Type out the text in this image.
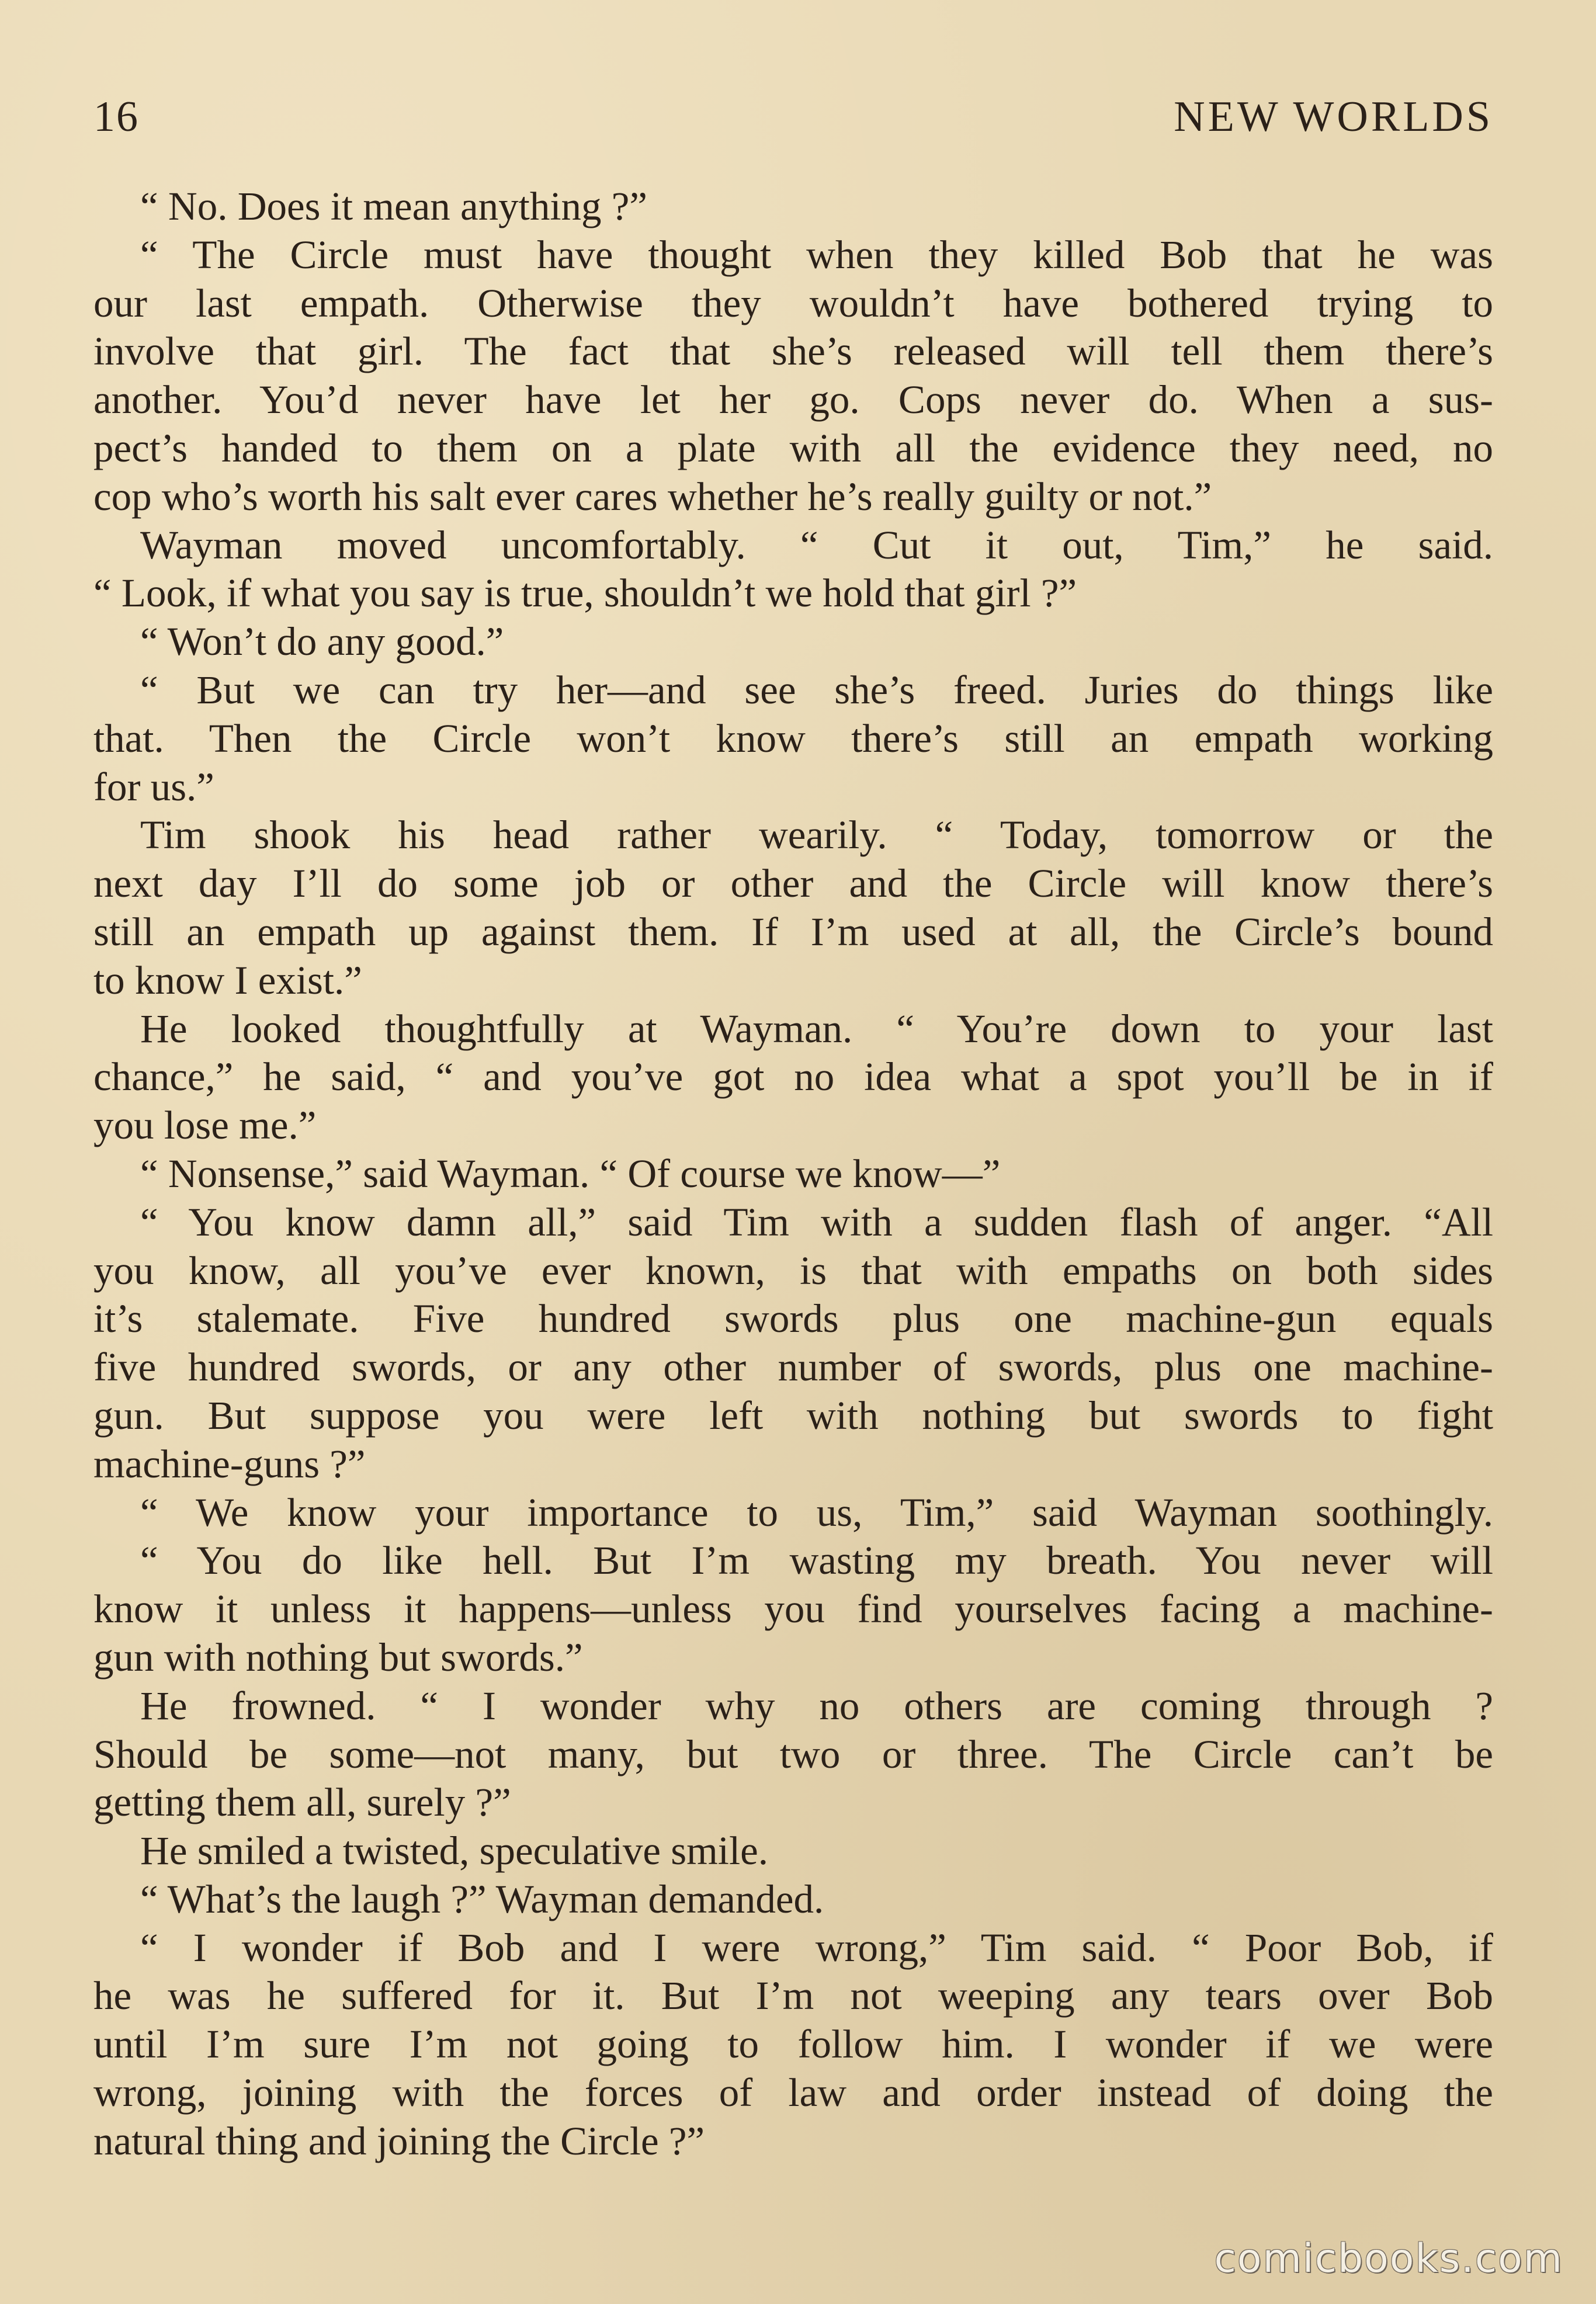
16	NEW WORLDS
“ No. Does it mean anything ?”
“ The Circle must have thought when they killed Bob that he was
our last empath. Otherwise they wouldn’t have bothered trying to
involve that girl. The fact that she’s released will tell them there’s
another. You’d never have let her go. Cops never do. When a sus-
pect’s handed to them on a plate with all the evidence they need, no
cop who’s worth his salt ever cares whether he’s really guilty or not.”
Wayman moved uncomfortably. “ Cut it out, Tim,” he said.
“ Look, if what you say is true, shouldn’t we hold that girl ?”
“ Won’t do any good.”
“ But we can try her—and see she’s freed. Juries do things like
that. Then the Circle won’t know there’s still an empath working
for us.”
Tim shook his head rather wearily. “ Today, tomorrow or the
next day I’ll do some job or other and the Circle will know there’s
still an empath up against them. If I’m used at all, the Circle’s bound
to know I exist.”
He looked thoughtfully at Wayman. “ You’re down to your last
chance,” he said, “ and you’ve got no idea what a spot you’ll be in if
you lose me.”
“ Nonsense,” said Wayman. “ Of course we know—”
“ You know damn all,” said Tim with a sudden flash of anger. “All
you know, all you’ve ever known, is that with empaths on both sides
it’s stalemate. Five hundred swords plus one machine-gun equals
five hundred swords, or any other number of swords, plus one machine-
gun. But suppose you were left with nothing but swords to fight
machine-guns ?”
“ We know your importance to us, Tim,” said Wayman soothingly.
“ You do like hell. But I’m wasting my breath. You never will
know it unless it happens—unless you find yourselves facing a machine-
gun with nothing but swords.”
He frowned. “ I wonder why no others are coming through ?
Should be some—not many, but two or three. The Circle can’t be
getting them all, surely ?”
He smiled a twisted, speculative smile.
“ What’s the laugh ?” Wayman demanded.
“ I wonder if Bob and I were wrong,” Tim said. “ Poor Bob, if
he was he suffered for it. But I’m not weeping any tears over Bob
until I’m sure I’m not going to follow him. I wonder if we were
wrong, joining with the forces of law and order instead of doing the
natural thing and joining the Circle ?”
comicbooks.com
